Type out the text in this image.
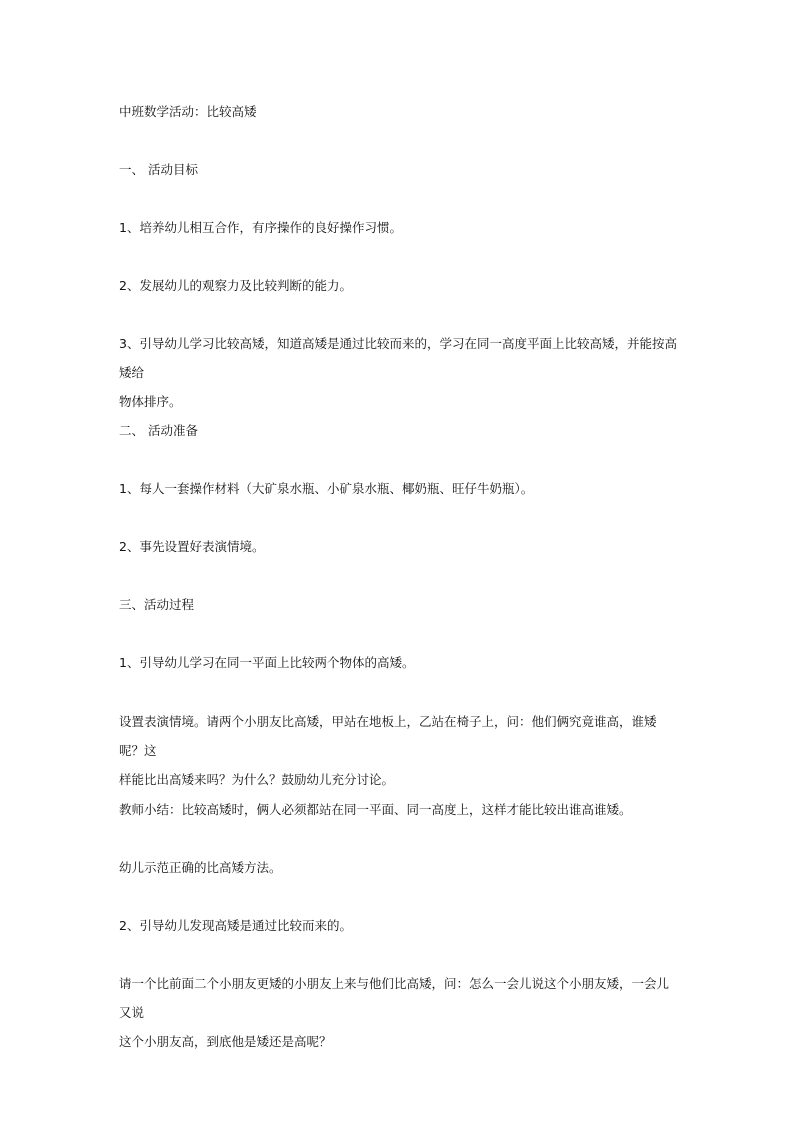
中班数学活动：比较高矮

一、 活动目标

1、培养幼儿相互合作，有序操作的良好操作习惯。

2、发展幼儿的观察力及比较判断的能力。

3、引导幼儿学习比较高矮，知道高矮是通过比较而来的，学习在同一高度平面上比较高矮，并能按高矮给
物体排序。

二、 活动准备

1、每人一套操作材料（大矿泉水瓶、小矿泉水瓶、椰奶瓶、旺仔牛奶瓶）。

2、事先设置好表演情境。

三、活动过程

1、引导幼儿学习在同一平面上比较两个物体的高矮。

设置表演情境。请两个小朋友比高矮，甲站在地板上，乙站在椅子上，问：他们俩究竟谁高，谁矮呢？这
样能比出高矮来吗？为什么？鼓励幼儿充分讨论。

教师小结：比较高矮时，俩人必须都站在同一平面、同一高度上，这样才能比较出谁高谁矮。

幼儿示范正确的比高矮方法。

2、引导幼儿发现高矮是通过比较而来的。

请一个比前面二个小朋友更矮的小朋友上来与他们比高矮，问：怎么一会儿说这个小朋友矮，一会儿又说
这个小朋友高，到底他是矮还是高呢？
